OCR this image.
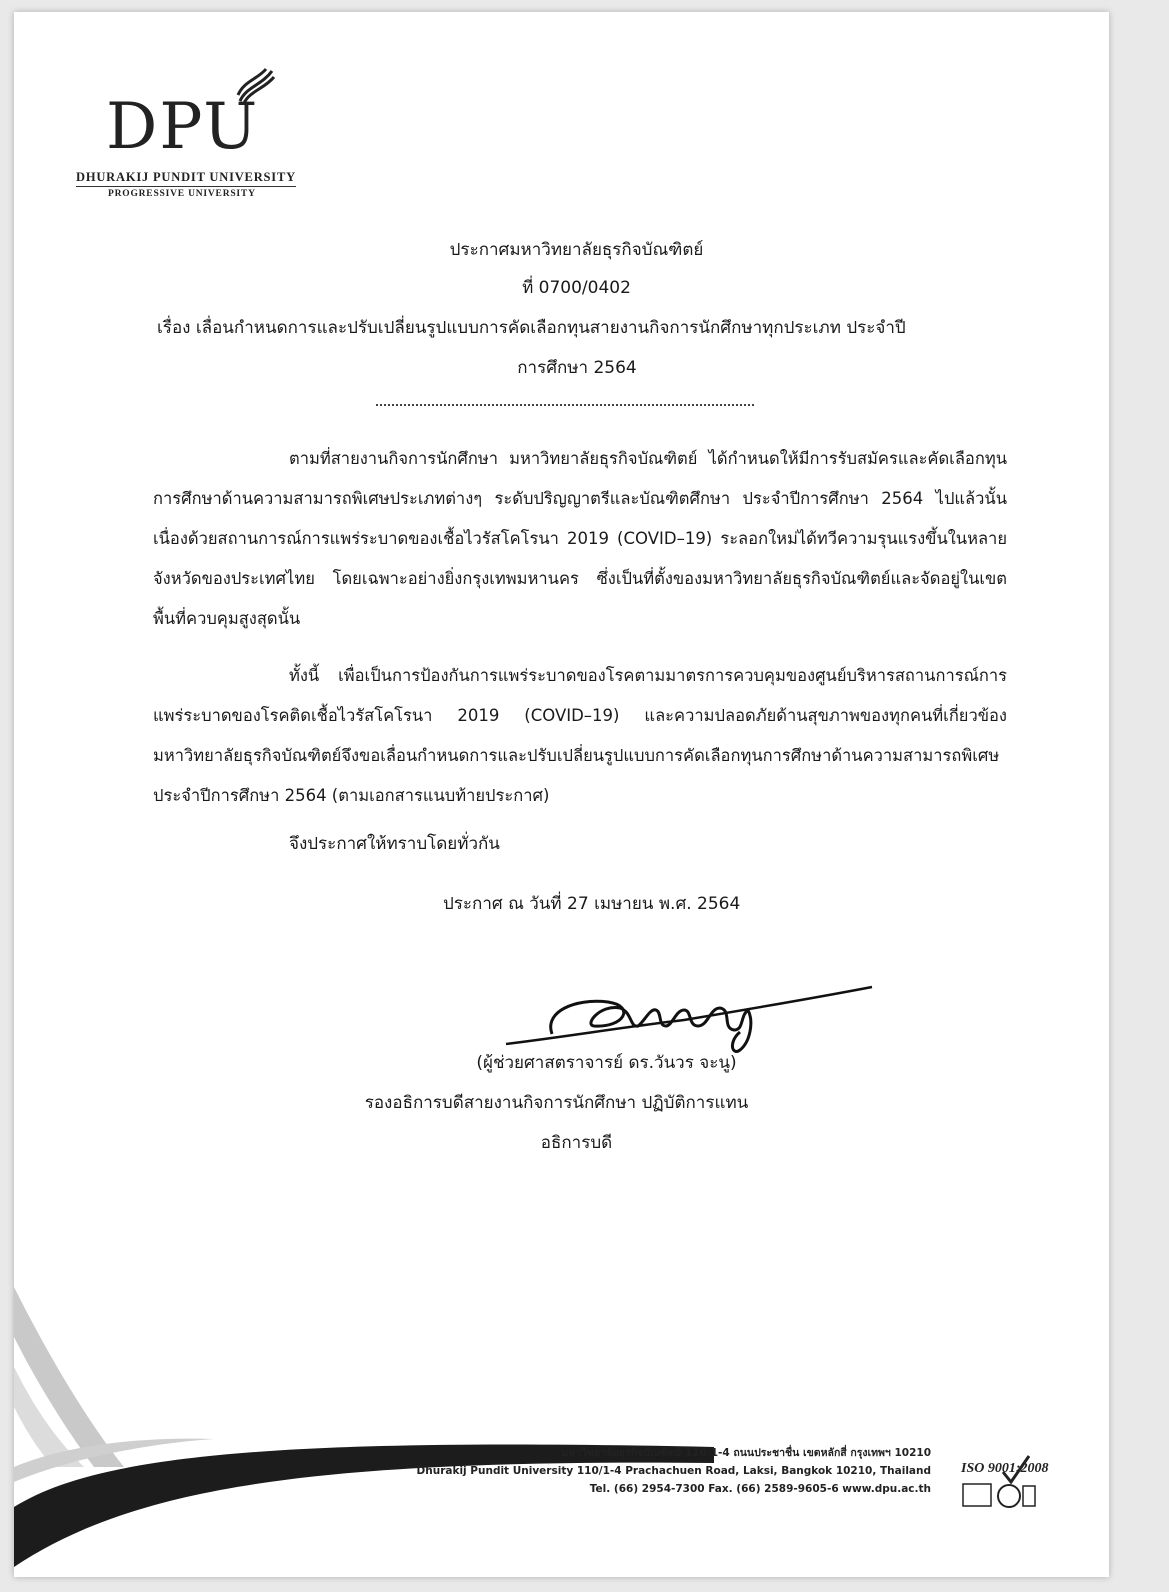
DPU
DHURAKIJ PUNDIT UNIVERSITY
PROGRESSIVE UNIVERSITY
ประกาศมหาวิทยาลัยธุรกิจบัณฑิตย์
ที่ 0700/0402
เรื่อง เลื่อนกำหนดการและปรับเปลี่ยนรูปแบบการคัดเลือกทุนสายงานกิจการนักศึกษาทุกประเภท ประจำปี
การศึกษา 2564
ตามที่สายงานกิจการนักศึกษา มหาวิทยาลัยธุรกิจบัณฑิตย์ ได้กำหนดให้มีการรับสมัครและคัดเลือกทุนการศึกษาด้านความสามารถพิเศษประเภทต่างๆ ระดับปริญญาตรีและบัณฑิตศึกษา ประจำปีการศึกษา 2564 ไปแล้วนั้น เนื่องด้วยสถานการณ์การแพร่ระบาดของเชื้อไวรัสโคโรนา 2019 (COVID–19) ระลอกใหม่ได้ทวีความรุนแรงขึ้นในหลายจังหวัดของประเทศไทย โดยเฉพาะอย่างยิ่งกรุงเทพมหานคร ซึ่งเป็นที่ตั้งของมหาวิทยาลัยธุรกิจบัณฑิตย์และจัดอยู่ในเขตพื้นที่ควบคุมสูงสุดนั้น
ทั้งนี้ เพื่อเป็นการป้องกันการแพร่ระบาดของโรคตามมาตรการควบคุมของศูนย์บริหารสถานการณ์การแพร่ระบาดของโรคติดเชื้อไวรัสโคโรนา 2019 (COVID–19) และความปลอดภัยด้านสุขภาพของทุกคนที่เกี่ยวข้อง มหาวิทยาลัยธุรกิจบัณฑิตย์จึงขอเลื่อนกำหนดการและปรับเปลี่ยนรูปแบบการคัดเลือกทุนการศึกษาด้านความสามารถพิเศษ ประจำปีการศึกษา 2564 (ตามเอกสารแนบท้ายประกาศ)
จึงประกาศให้ทราบโดยทั่วกัน
ประกาศ ณ วันที่ 27 เมษายน พ.ศ. 2564
(ผู้ช่วยศาสตราจารย์ ดร.วันวร จะนู)
รองอธิการบดีสายงานกิจการนักศึกษา ปฏิบัติการแทน
อธิการบดี
มหาวิทยาลัยธุรกิจบัณฑิตย์ 110/1-4 ถนนประชาชื่น เขตหลักสี่ กรุงเทพฯ 10210
Dhurakij Pundit University 110/1-4 Prachachuen Road, Laksi, Bangkok 10210, Thailand
Tel. (66) 2954-7300 Fax. (66) 2589-9605-6 www.dpu.ac.th
ISO 9001:2008
